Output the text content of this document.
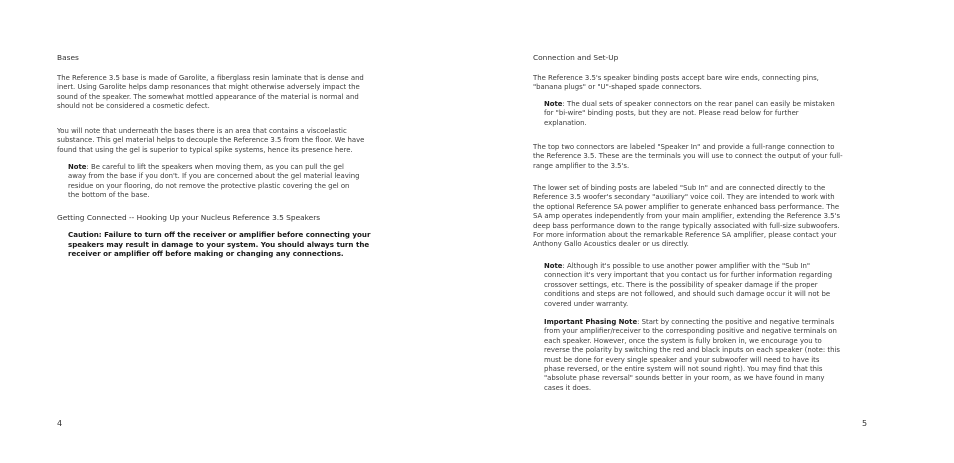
Bases

The Reference 3.5 base is made of Garolite, a fiberglass resin laminate that is dense and
inert. Using Garolite helps damp resonances that might otherwise adversely impact the
sound of the speaker. The somewhat mottled appearance of the material is normal and
should not be considered a cosmetic defect.

You will note that underneath the bases there is an area that contains a viscoelastic
substance. This gel material helps to decouple the Reference 3.5 from the floor. We have
found that using the gel is superior to typical spike systems, hence its presence here.

Note: Be careful to lift the speakers when moving them, as you can pull the gel
away from the base if you don't. If you are concerned about the gel material leaving
residue on your flooring, do not remove the protective plastic covering the gel on
the bottom of the base.

Getting Connected -- Hooking Up your Nucleus Reference 3.5 Speakers

Caution: Failure to turn off the receiver or amplifier before connecting your
speakers may result in damage to your system. You should always turn the
receiver or amplifier off before making or changing any connections.

4
Connection and Set-Up

The Reference 3.5's speaker binding posts accept bare wire ends, connecting pins,
"banana plugs" or "U"-shaped spade connectors.

Note: The dual sets of speaker connectors on the rear panel can easily be mistaken
for "bi-wire" binding posts, but they are not. Please read below for further
explanation.

The top two connectors are labeled "Speaker In" and provide a full-range connection to
the Reference 3.5. These are the terminals you will use to connect the output of your full-
range amplifier to the 3.5's.

The lower set of binding posts are labeled "Sub In" and are connected directly to the
Reference 3.5 woofer's secondary "auxiliary" voice coil. They are intended to work with
the optional Reference SA power amplifier to generate enhanced bass performance. The
SA amp operates independently from your main amplifier, extending the Reference 3.5's
deep bass performance down to the range typically associated with full-size subwoofers.
For more information about the remarkable Reference SA amplifier, please contact your
Anthony Gallo Acoustics dealer or us directly.

Note: Although it's possible to use another power amplifier with the "Sub In"
connection it's very important that you contact us for further information regarding
crossover settings, etc. There is the possibility of speaker damage if the proper
conditions and steps are not followed, and should such damage occur it will not be
covered under warranty.

Important Phasing Note: Start by connecting the positive and negative terminals
from your amplifier/receiver to the corresponding positive and negative terminals on
each speaker. However, once the system is fully broken in, we encourage you to
reverse the polarity by switching the red and black inputs on each speaker (note: this
must be done for every single speaker and your subwoofer will need to have its
phase reversed, or the entire system will not sound right). You may find that this
"absolute phase reversal" sounds better in your room, as we have found in many
cases it does.

5
